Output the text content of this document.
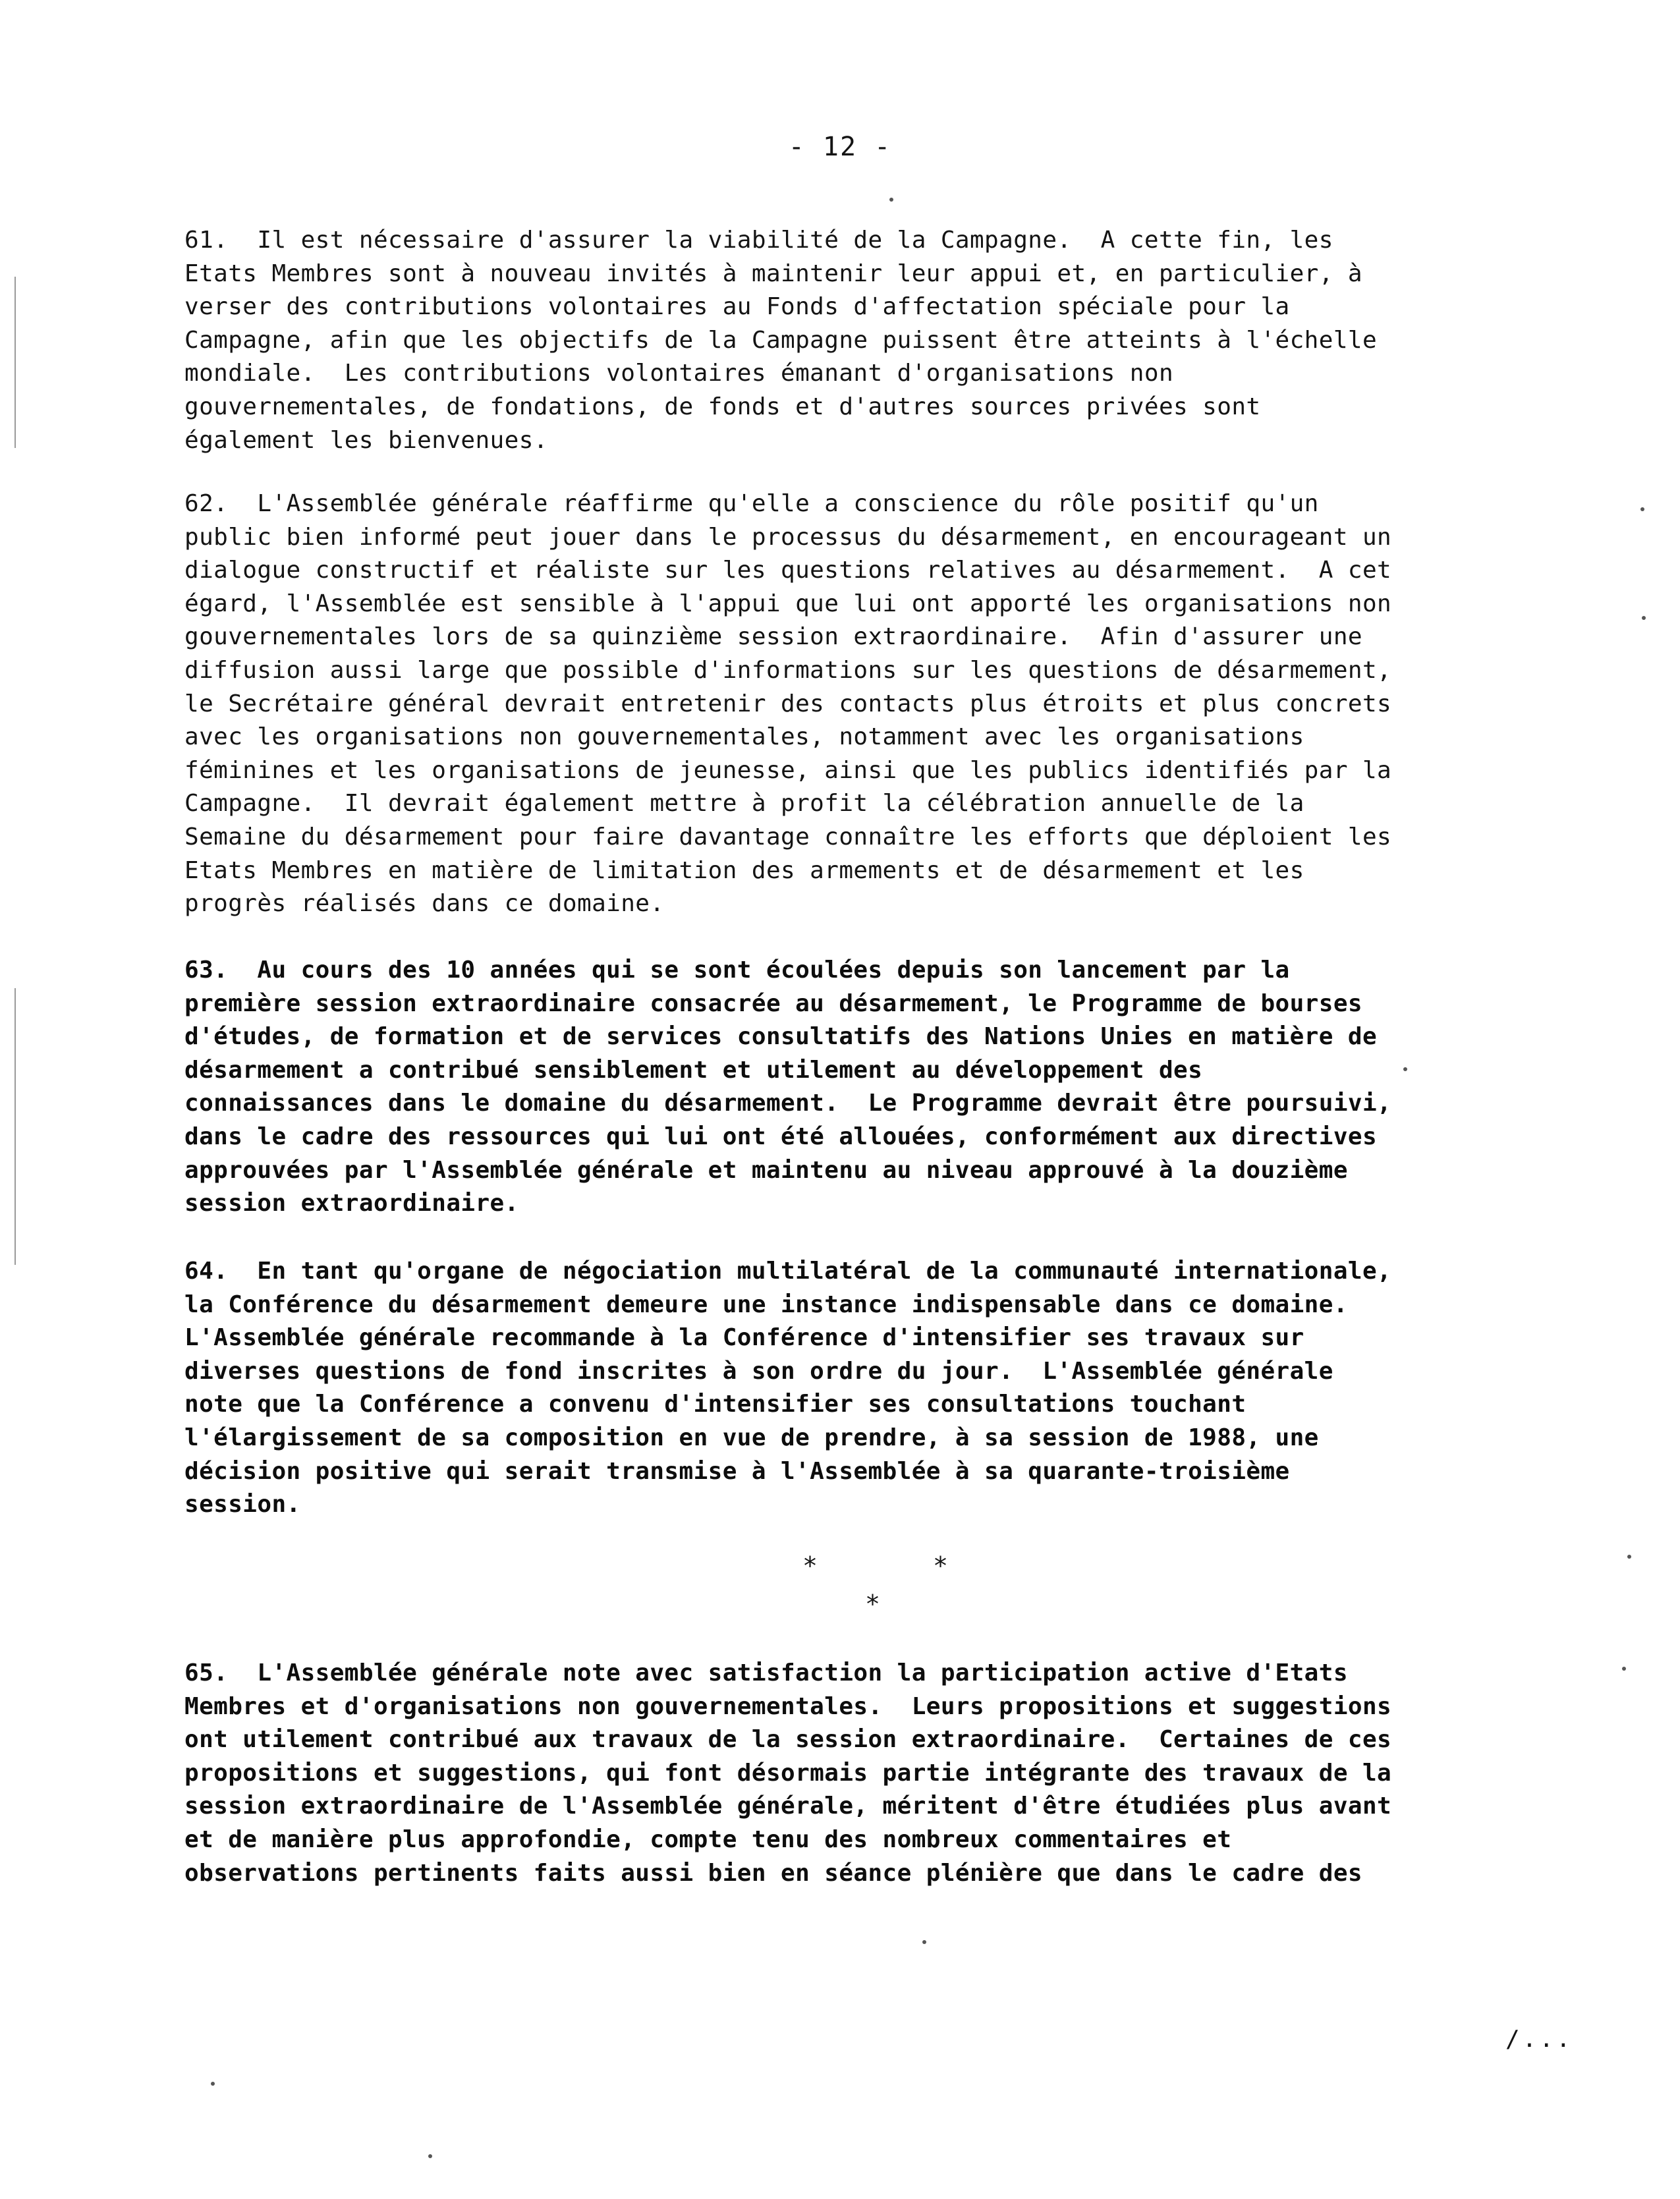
- 12 -

61.  Il est nécessaire d'assurer la viabilité de la Campagne.  A cette fin, les
Etats Membres sont à nouveau invités à maintenir leur appui et, en particulier, à
verser des contributions volontaires au Fonds d'affectation spéciale pour la
Campagne, afin que les objectifs de la Campagne puissent être atteints à l'échelle
mondiale.  Les contributions volontaires émanant d'organisations non
gouvernementales, de fondations, de fonds et d'autres sources privées sont
également les bienvenues.

62.  L'Assemblée générale réaffirme qu'elle a conscience du rôle positif qu'un
public bien informé peut jouer dans le processus du désarmement, en encourageant un
dialogue constructif et réaliste sur les questions relatives au désarmement.  A cet
égard, l'Assemblée est sensible à l'appui que lui ont apporté les organisations non
gouvernementales lors de sa quinzième session extraordinaire.  Afin d'assurer une
diffusion aussi large que possible d'informations sur les questions de désarmement,
le Secrétaire général devrait entretenir des contacts plus étroits et plus concrets
avec les organisations non gouvernementales, notamment avec les organisations
féminines et les organisations de jeunesse, ainsi que les publics identifiés par la
Campagne.  Il devrait également mettre à profit la célébration annuelle de la
Semaine du désarmement pour faire davantage connaître les efforts que déploient les
Etats Membres en matière de limitation des armements et de désarmement et les
progrès réalisés dans ce domaine.

63.  Au cours des 10 années qui se sont écoulées depuis son lancement par la
première session extraordinaire consacrée au désarmement, le Programme de bourses
d'études, de formation et de services consultatifs des Nations Unies en matière de
désarmement a contribué sensiblement et utilement au développement des
connaissances dans le domaine du désarmement.  Le Programme devrait être poursuivi,
dans le cadre des ressources qui lui ont été allouées, conformément aux directives
approuvées par l'Assemblée générale et maintenu au niveau approuvé à la douzième
session extraordinaire.

64.  En tant qu'organe de négociation multilatéral de la communauté internationale,
la Conférence du désarmement demeure une instance indispensable dans ce domaine.
L'Assemblée générale recommande à la Conférence d'intensifier ses travaux sur
diverses questions de fond inscrites à son ordre du jour.  L'Assemblée générale
note que la Conférence a convenu d'intensifier ses consultations touchant
l'élargissement de sa composition en vue de prendre, à sa session de 1988, une
décision positive qui serait transmise à l'Assemblée à sa quarante-troisième
session.

*	*
*

65.  L'Assemblée générale note avec satisfaction la participation active d'Etats
Membres et d'organisations non gouvernementales.  Leurs propositions et suggestions
ont utilement contribué aux travaux de la session extraordinaire.  Certaines de ces
propositions et suggestions, qui font désormais partie intégrante des travaux de la
session extraordinaire de l'Assemblée générale, méritent d'être étudiées plus avant
et de manière plus approfondie, compte tenu des nombreux commentaires et
observations pertinents faits aussi bien en séance plénière que dans le cadre des

/...
